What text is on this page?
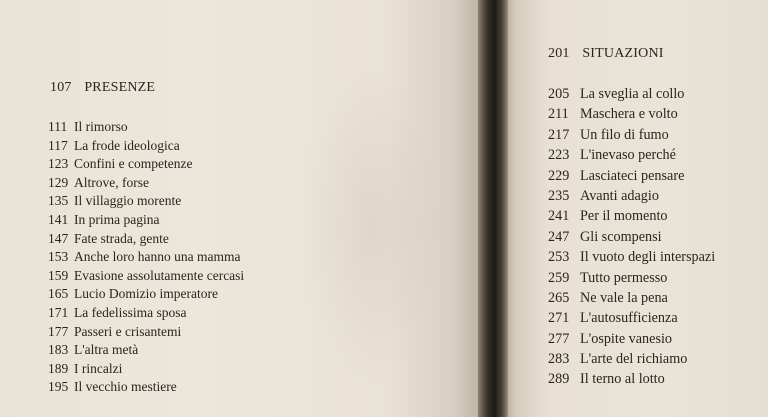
107 PRESENZE
111 Il rimorso
117 La frode ideologica
123 Confini e competenze
129 Altrove, forse
135 Il villaggio morente
141 In prima pagina
147 Fate strada, gente
153 Anche loro hanno una mamma
159 Evasione assolutamente cercasi
165 Lucio Domizio imperatore
171 La fedelissima sposa
177 Passeri e crisantemi
183 L'altra metà
189 I rincalzi
195 Il vecchio mestiere
201 SITUAZIONI
205 La sveglia al collo
211 Maschera e volto
217 Un filo di fumo
223 L'inevaso perché
229 Lasciateci pensare
235 Avanti adagio
241 Per il momento
247 Gli scompensi
253 Il vuoto degli interspazi
259 Tutto permesso
265 Ne vale la pena
271 L'autosufficienza
277 L'ospite vanesio
283 L'arte del richiamo
289 Il terno al lotto
